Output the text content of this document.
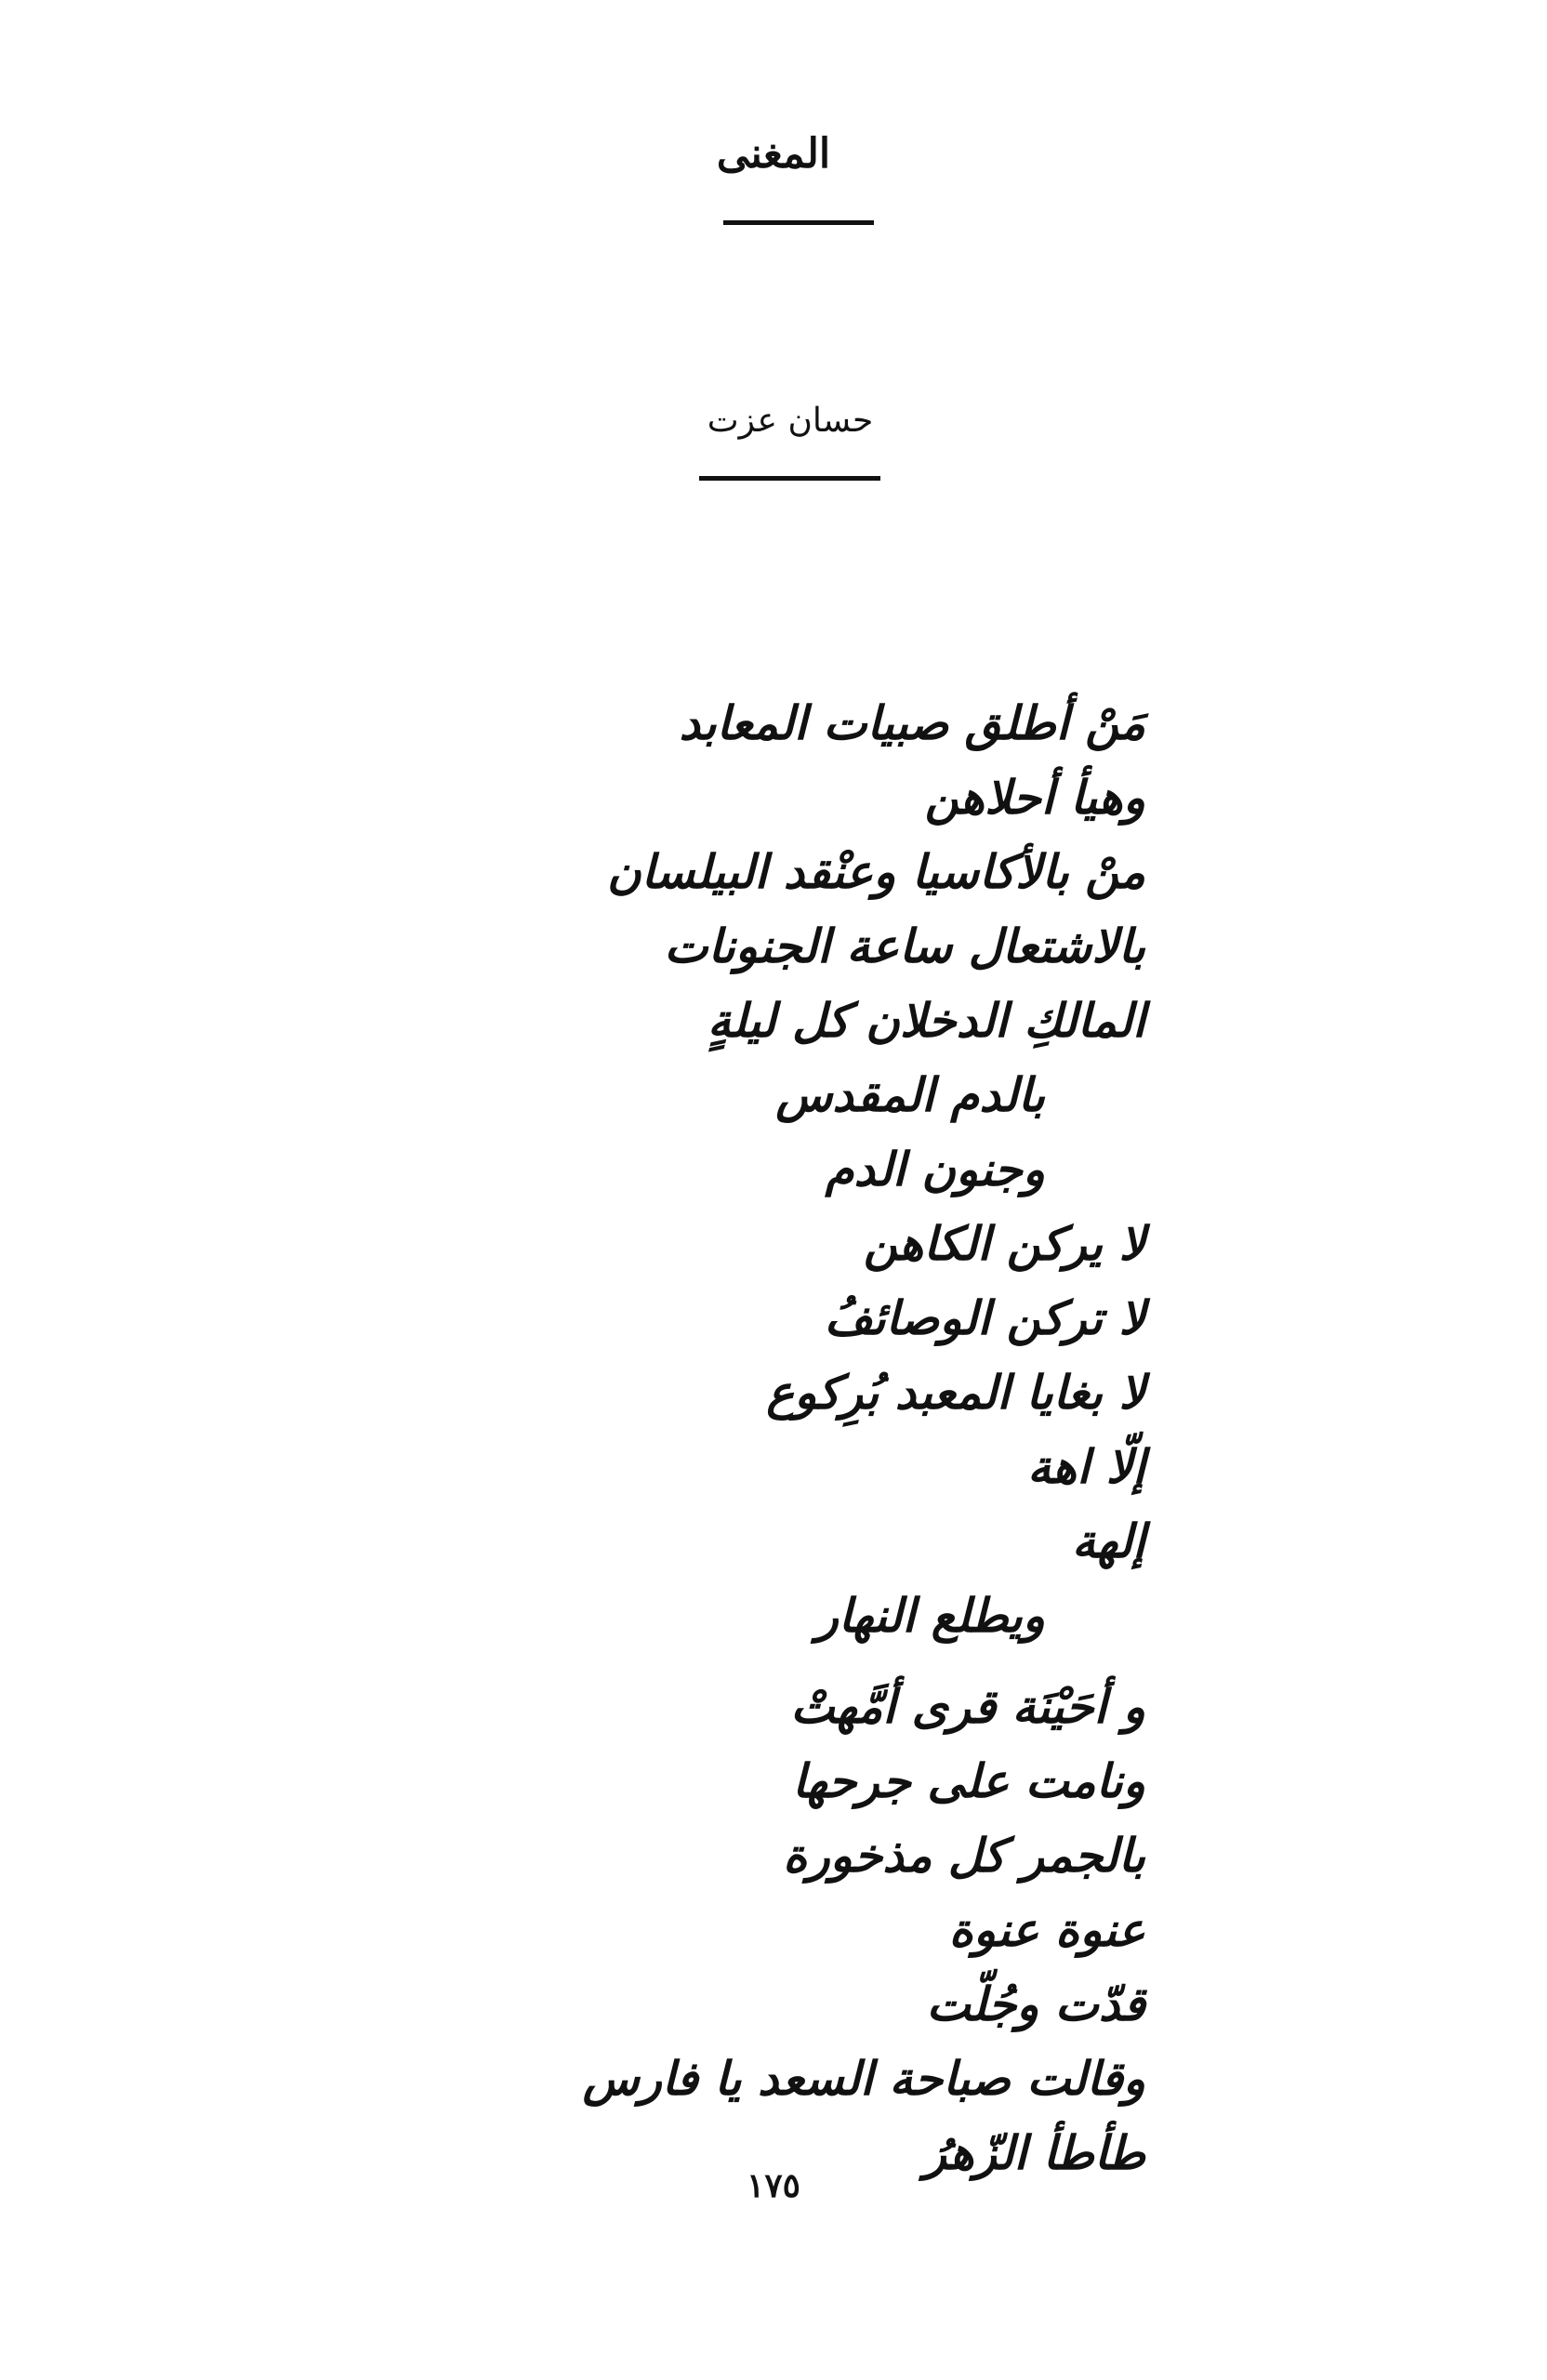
المغنى
حسان عزت
مَنْ أطلق صبيات المعابد
وهيأ أحلاهن
منْ بالأكاسيا وعنْقد البيلسان
بالاشتعال ساعة الجنونات
المالكِ الدخلان كل ليلةٍ
بالدم المقدس
وجنون الدم
لا يركن الكاهن
لا تركن الوصائفُ
لا بغايا المعبد بُرِكوع
إلّا اهة
إلهة
ويطلع النهار
و أحَيْنَة قرى أمَّهتْ
ونامت على جرحها
بالجمر كل مذخورة
عنوة عنوة
قدّت وجُلّت
وقالت صباحة السعد يا فارس
طأطأ الزّهرُ
١٧٥
